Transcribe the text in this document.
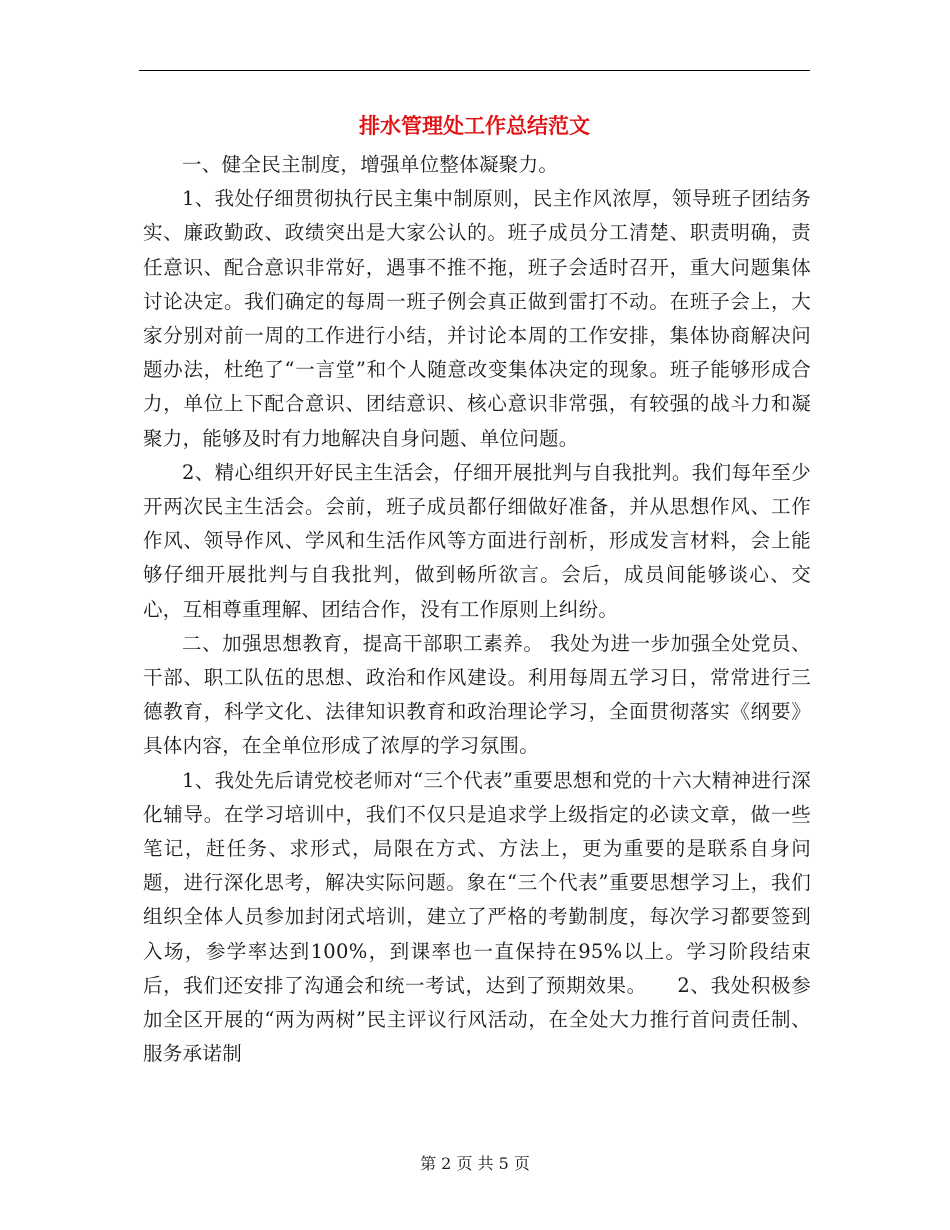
排水管理处工作总结范文

一、健全民主制度，增强单位整体凝聚力。

1、我处仔细贯彻执行民主集中制原则，民主作风浓厚，领导班子团结务实、廉政勤政、政绩突出是大家公认的。班子成员分工清楚、职责明确，责任意识、配合意识非常好，遇事不推不拖，班子会适时召开，重大问题集体讨论决定。我们确定的每周一班子例会真正做到雷打不动。在班子会上，大家分别对前一周的工作进行小结，并讨论本周的工作安排，集体协商解决问题办法，杜绝了“一言堂”和个人随意改变集体决定的现象。班子能够形成合力，单位上下配合意识、团结意识、核心意识非常强，有较强的战斗力和凝聚力，能够及时有力地解决自身问题、单位问题。

2、精心组织开好民主生活会，仔细开展批判与自我批判。我们每年至少开两次民主生活会。会前，班子成员都仔细做好准备，并从思想作风、工作作风、领导作风、学风和生活作风等方面进行剖析，形成发言材料，会上能够仔细开展批判与自我批判，做到畅所欲言。会后，成员间能够谈心、交心，互相尊重理解、团结合作，没有工作原则上纠纷。

二、加强思想教育，提高干部职工素养。 我处为进一步加强全处党员、干部、职工队伍的思想、政治和作风建设。利用每周五学习日，常常进行三德教育，科学文化、法律知识教育和政治理论学习，全面贯彻落实《纲要》具体内容，在全单位形成了浓厚的学习氛围。

1、我处先后请党校老师对“三个代表”重要思想和党的十六大精神进行深化辅导。在学习培训中，我们不仅只是追求学上级指定的必读文章，做一些笔记，赶任务、求形式，局限在方式、方法上，更为重要的是联系自身问题，进行深化思考，解决实际问题。象在“三个代表”重要思想学习上，我们组织全体人员参加封闭式培训，建立了严格的考勤制度，每次学习都要签到入场，参学率达到100%，到课率也一直保持在95%以上。学习阶段结束后，我们还安排了沟通会和统一考试，达到了预期效果。　　2、我处积极参加全区开展的“两为两树”民主评议行风活动，在全处大力推行首问责任制、服务承诺制

第 2 页 共 5 页
